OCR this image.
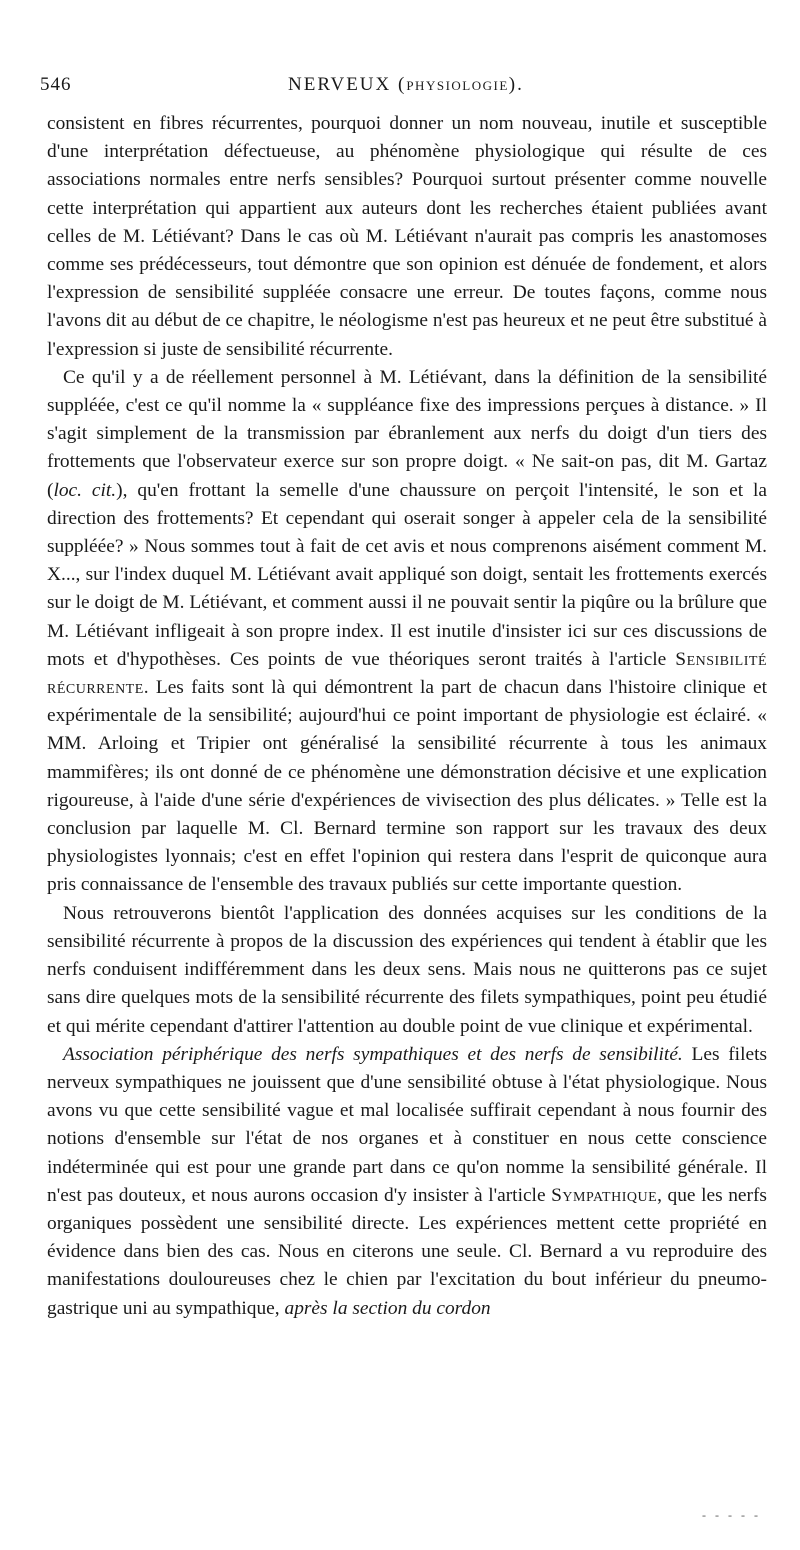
546	NERVEUX (PHYSIOLOGIE).

consistent en fibres récurrentes, pourquoi donner un nom nouveau, inutile et susceptible d'une interprétation défectueuse, au phénomène physiologique qui résulte de ces associations normales entre nerfs sensibles? Pourquoi surtout présenter comme nouvelle cette interprétation qui appartient aux auteurs dont les recherches étaient publiées avant celles de M. Létiévant? Dans le cas où M. Létiévant n'aurait pas compris les anastomoses comme ses prédécesseurs, tout démontre que son opinion est dénuée de fondement, et alors l'expression de sensibilité suppléée consacre une erreur. De toutes façons, comme nous l'avons dit au début de ce chapitre, le néologisme n'est pas heureux et ne peut être substitué à l'expression si juste de sensibilité récurrente.

Ce qu'il y a de réellement personnel à M. Létiévant, dans la définition de la sensibilité suppléée, c'est ce qu'il nomme la « suppléance fixe des impressions perçues à distance. » Il s'agit simplement de la transmission par ébranlement aux nerfs du doigt d'un tiers des frottements que l'observateur exerce sur son propre doigt. « Ne sait-on pas, dit M. Gartaz (loc. cit.), qu'en frottant la semelle d'une chaussure on perçoit l'intensité, le son et la direction des frottements? Et cependant qui oserait songer à appeler cela de la sensibilité suppléée? » Nous sommes tout à fait de cet avis et nous comprenons aisément comment M. X..., sur l'index duquel M. Létiévant avait appliqué son doigt, sentait les frottements exercés sur le doigt de M. Létiévant, et comment aussi il ne pouvait sentir la piqûre ou la brûlure que M. Létiévant infligeait à son propre index. Il est inutile d'insister ici sur ces discussions de mots et d'hypothèses. Ces points de vue théoriques seront traités à l'article Sensibilité récurrente. Les faits sont là qui démontrent la part de chacun dans l'histoire clinique et expérimentale de la sensibilité; aujourd'hui ce point important de physiologie est éclairé. « MM. Arloing et Tripier ont généralisé la sensibilité récurrente à tous les animaux mammifères; ils ont donné de ce phénomène une démonstration décisive et une explication rigoureuse, à l'aide d'une série d'expériences de vivisection des plus délicates. » Telle est la conclusion par laquelle M. Cl. Bernard termine son rapport sur les travaux des deux physiologistes lyonnais; c'est en effet l'opinion qui restera dans l'esprit de quiconque aura pris connaissance de l'ensemble des travaux publiés sur cette importante question.

Nous retrouverons bientôt l'application des données acquises sur les conditions de la sensibilité récurrente à propos de la discussion des expériences qui tendent à établir que les nerfs conduisent indifféremment dans les deux sens. Mais nous ne quitterons pas ce sujet sans dire quelques mots de la sensibilité récurrente des filets sympathiques, point peu étudié et qui mérite cependant d'attirer l'attention au double point de vue clinique et expérimental.

Association périphérique des nerfs sympathiques et des nerfs de sensibilité. Les filets nerveux sympathiques ne jouissent que d'une sensibilité obtuse à l'état physiologique. Nous avons vu que cette sensibilité vague et mal localisée suffirait cependant à nous fournir des notions d'ensemble sur l'état de nos organes et à constituer en nous cette conscience indéterminée qui est pour une grande part dans ce qu'on nomme la sensibilité générale. Il n'est pas douteux, et nous aurons occasion d'y insister à l'article Sympathique, que les nerfs organiques possèdent une sensibilité directe. Les expériences mettent cette propriété en évidence dans bien des cas. Nous en citerons une seule. Cl. Bernard a vu reproduire des manifestations douloureuses chez le chien par l'excitation du bout inférieur du pneumo-gastrique uni au sympathique, après la section du cordon

- - - - -
